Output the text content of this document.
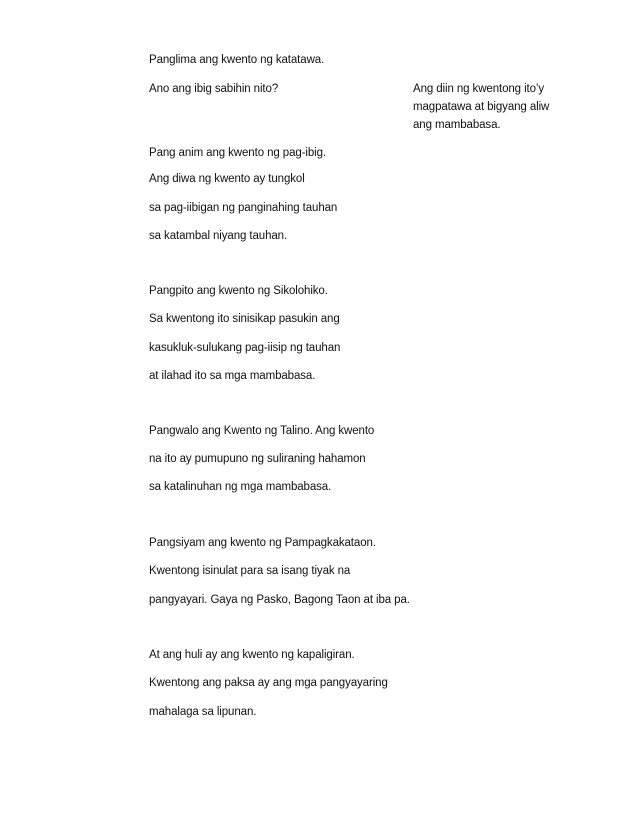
Panglima ang kwento ng katatawa.
Ano ang ibig sabihin nito?	Ang diin ng kwentong ito’y
magpatawa at bigyang aliw
ang mambabasa.
Pang anim ang kwento ng pag-ibig.
Ang diwa ng kwento ay tungkol
sa pag-iibigan ng panginahing tauhan
sa katambal niyang tauhan.
Pangpito ang kwento ng Sikolohiko.
Sa kwentong ito sinisikap pasukin ang
kasukluk-sulukang pag-iisip ng tauhan
at ilahad ito sa mga mambabasa.
Pangwalo ang Kwento ng Talino. Ang kwento
na ito ay pumupuno ng suliraning hahamon
sa katalinuhan ng mga mambabasa.
Pangsiyam ang kwento ng Pampagkakataon.
Kwentong isinulat para sa isang tiyak na
pangyayari. Gaya ng Pasko, Bagong Taon at iba pa.
At ang huli ay ang kwento ng kapaligiran.
Kwentong ang paksa ay ang mga pangyayaring
mahalaga sa lipunan.
